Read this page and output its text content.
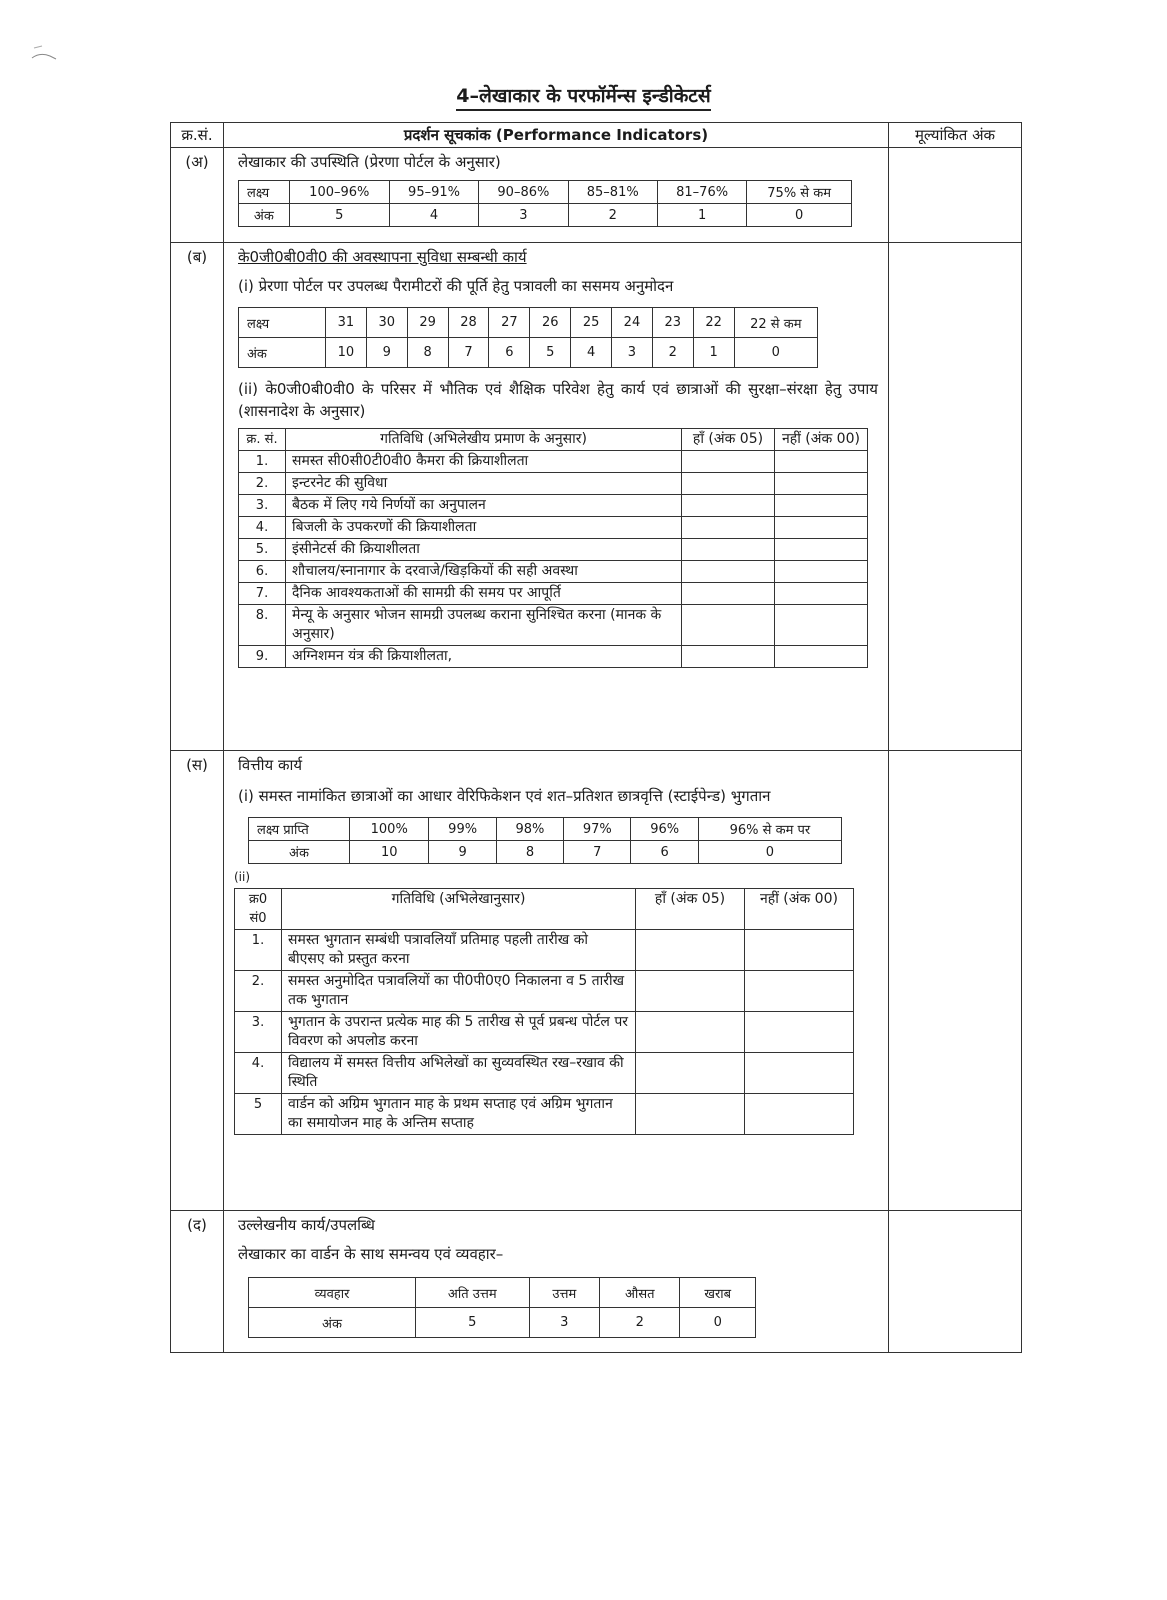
4–लेखाकार के परफॉर्मेन्स इन्डीकेटर्स
क्र.सं.	प्रदर्शन सूचकांक (Performance Indicators)	मूल्यांकित अंक
(अ)	लेखाकार की उपस्थिति (प्रेरणा पोर्टल के अनुसार)
लक्ष्य	100–96%	95–91%	90–86%	85–81%	81–76%	75% से कम
अंक	5	4	3	2	1	0

(ब)	के0जी0बी0वी0 की अवस्थापना सुविधा सम्बन्धी कार्य
(i) प्रेरणा पोर्टल पर उपलब्ध पैरामीटरों की पूर्ति हेतु पत्रावली का ससमय अनुमोदन
लक्ष्य	31	30	29	28	27	26	25	24	23	22	22 से कम
अंक	10	9	8	7	6	5	4	3	2	1	0
(ii) के0जी0बी0वी0 के परिसर में भौतिक एवं शैक्षिक परिवेश हेतु कार्य एवं छात्राओं की सुरक्षा–संरक्षा हेतु उपाय (शासनादेश के अनुसार)
क्र. सं.	गतिविधि (अभिलेखीय प्रमाण के अनुसार)	हाँ (अंक 05)	नहीं (अंक 00)
1.	समस्त सी0सी0टी0वी0 कैमरा की क्रियाशीलता		
2.	इन्टरनेट की सुविधा		
3.	बैठक में लिए गये निर्णयों का अनुपालन		
4.	बिजली के उपकरणों की क्रियाशीलता		
5.	इंसीनेटर्स की क्रियाशीलता		
6.	शौचालय/स्नानागार के दरवाजे/खिड़कियों की सही अवस्था		
7.	दैनिक आवश्यकताओं की सामग्री की समय पर आपूर्ति		
8.	मेन्यू के अनुसार भोजन सामग्री उपलब्ध कराना सुनिश्चित करना (मानक के अनुसार)		
9.	अग्निशमन यंत्र की क्रियाशीलता,		

(स)	वित्तीय कार्य
(i) समस्त नामांकित छात्राओं का आधार वेरिफिकेशन एवं शत–प्रतिशत छात्रवृत्ति (स्टाईपेन्ड) भुगतान
लक्ष्य प्राप्ति	100%	99%	98%	97%	96%	96% से कम पर
अंक	10	9	8	7	6	0
(ii)
क्र0 सं0	गतिविधि (अभिलेखानुसार)	हाँ (अंक 05)	नहीं (अंक 00)
1.	समस्त भुगतान सम्बंधी पत्रावलियाँ प्रतिमाह पहली तारीख को बीएसए को प्रस्तुत करना		
2.	समस्त अनुमोदित पत्रावलियों का पी0पी0ए0 निकालना व 5 तारीख तक भुगतान		
3.	भुगतान के उपरान्त प्रत्येक माह की 5 तारीख से पूर्व प्रबन्ध पोर्टल पर विवरण को अपलोड करना		
4.	विद्यालय में समस्त वित्तीय अभिलेखों का सुव्यवस्थित रख–रखाव की स्थिति		
5	वार्डन को अग्रिम भुगतान माह के प्रथम सप्ताह एवं अग्रिम भुगतान का समायोजन माह के अन्तिम सप्ताह		

(द)	उल्लेखनीय कार्य/उपलब्धि
लेखाकार का वार्डन के साथ समन्वय एवं व्यवहार–
व्यवहार	अति उत्तम	उत्तम	औसत	खराब
अंक	5	3	2	0
